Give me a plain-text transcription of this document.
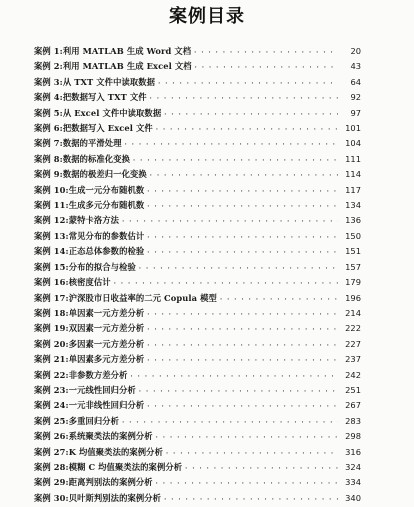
案例目录
案例 1:利用 MATLAB 生成 Word 文档 · · ·	20
案例 2:利用 MATLAB 生成 Excel 文档 · · ·	43
案例 3:从 TXT 文件中读取数据 · · ·	64
案例 4:把数据写入 TXT 文件 · · ·	92
案例 5:从 Excel 文件中读取数据 · · ·	97
案例 6:把数据写入 Excel 文件 · · ·	101
案例 7:数据的平滑处理 · · ·	104
案例 8:数据的标准化变换 · · ·	111
案例 9:数据的极差归一化变换 · · ·	114
案例 10:生成一元分布随机数 · · ·	117
案例 11:生成多元分布随机数 · · ·	134
案例 12:蒙特卡洛方法 · · ·	136
案例 13:常见分布的参数估计 · · ·	150
案例 14:正态总体参数的检验 · · ·	151
案例 15:分布的拟合与检验 · · ·	157
案例 16:核密度估计 · · ·	179
案例 17:沪深股市日收益率的二元 Copula 模型 · · ·	196
案例 18:单因素一元方差分析 · · ·	214
案例 19:双因素一元方差分析 · · ·	222
案例 20:多因素一元方差分析 · · ·	227
案例 21:单因素多元方差分析 · · ·	237
案例 22:非参数方差分析 · · ·	242
案例 23:一元线性回归分析 · · ·	251
案例 24:一元非线性回归分析 · · ·	267
案例 25:多重回归分析 · · ·	283
案例 26:系统聚类法的案例分析 · · ·	298
案例 27:K 均值聚类法的案例分析 · · ·	316
案例 28:模糊 C 均值聚类法的案例分析 · · ·	324
案例 29:距离判别法的案例分析 · · ·	334
案例 30:贝叶斯判别法的案例分析 · · ·	340
